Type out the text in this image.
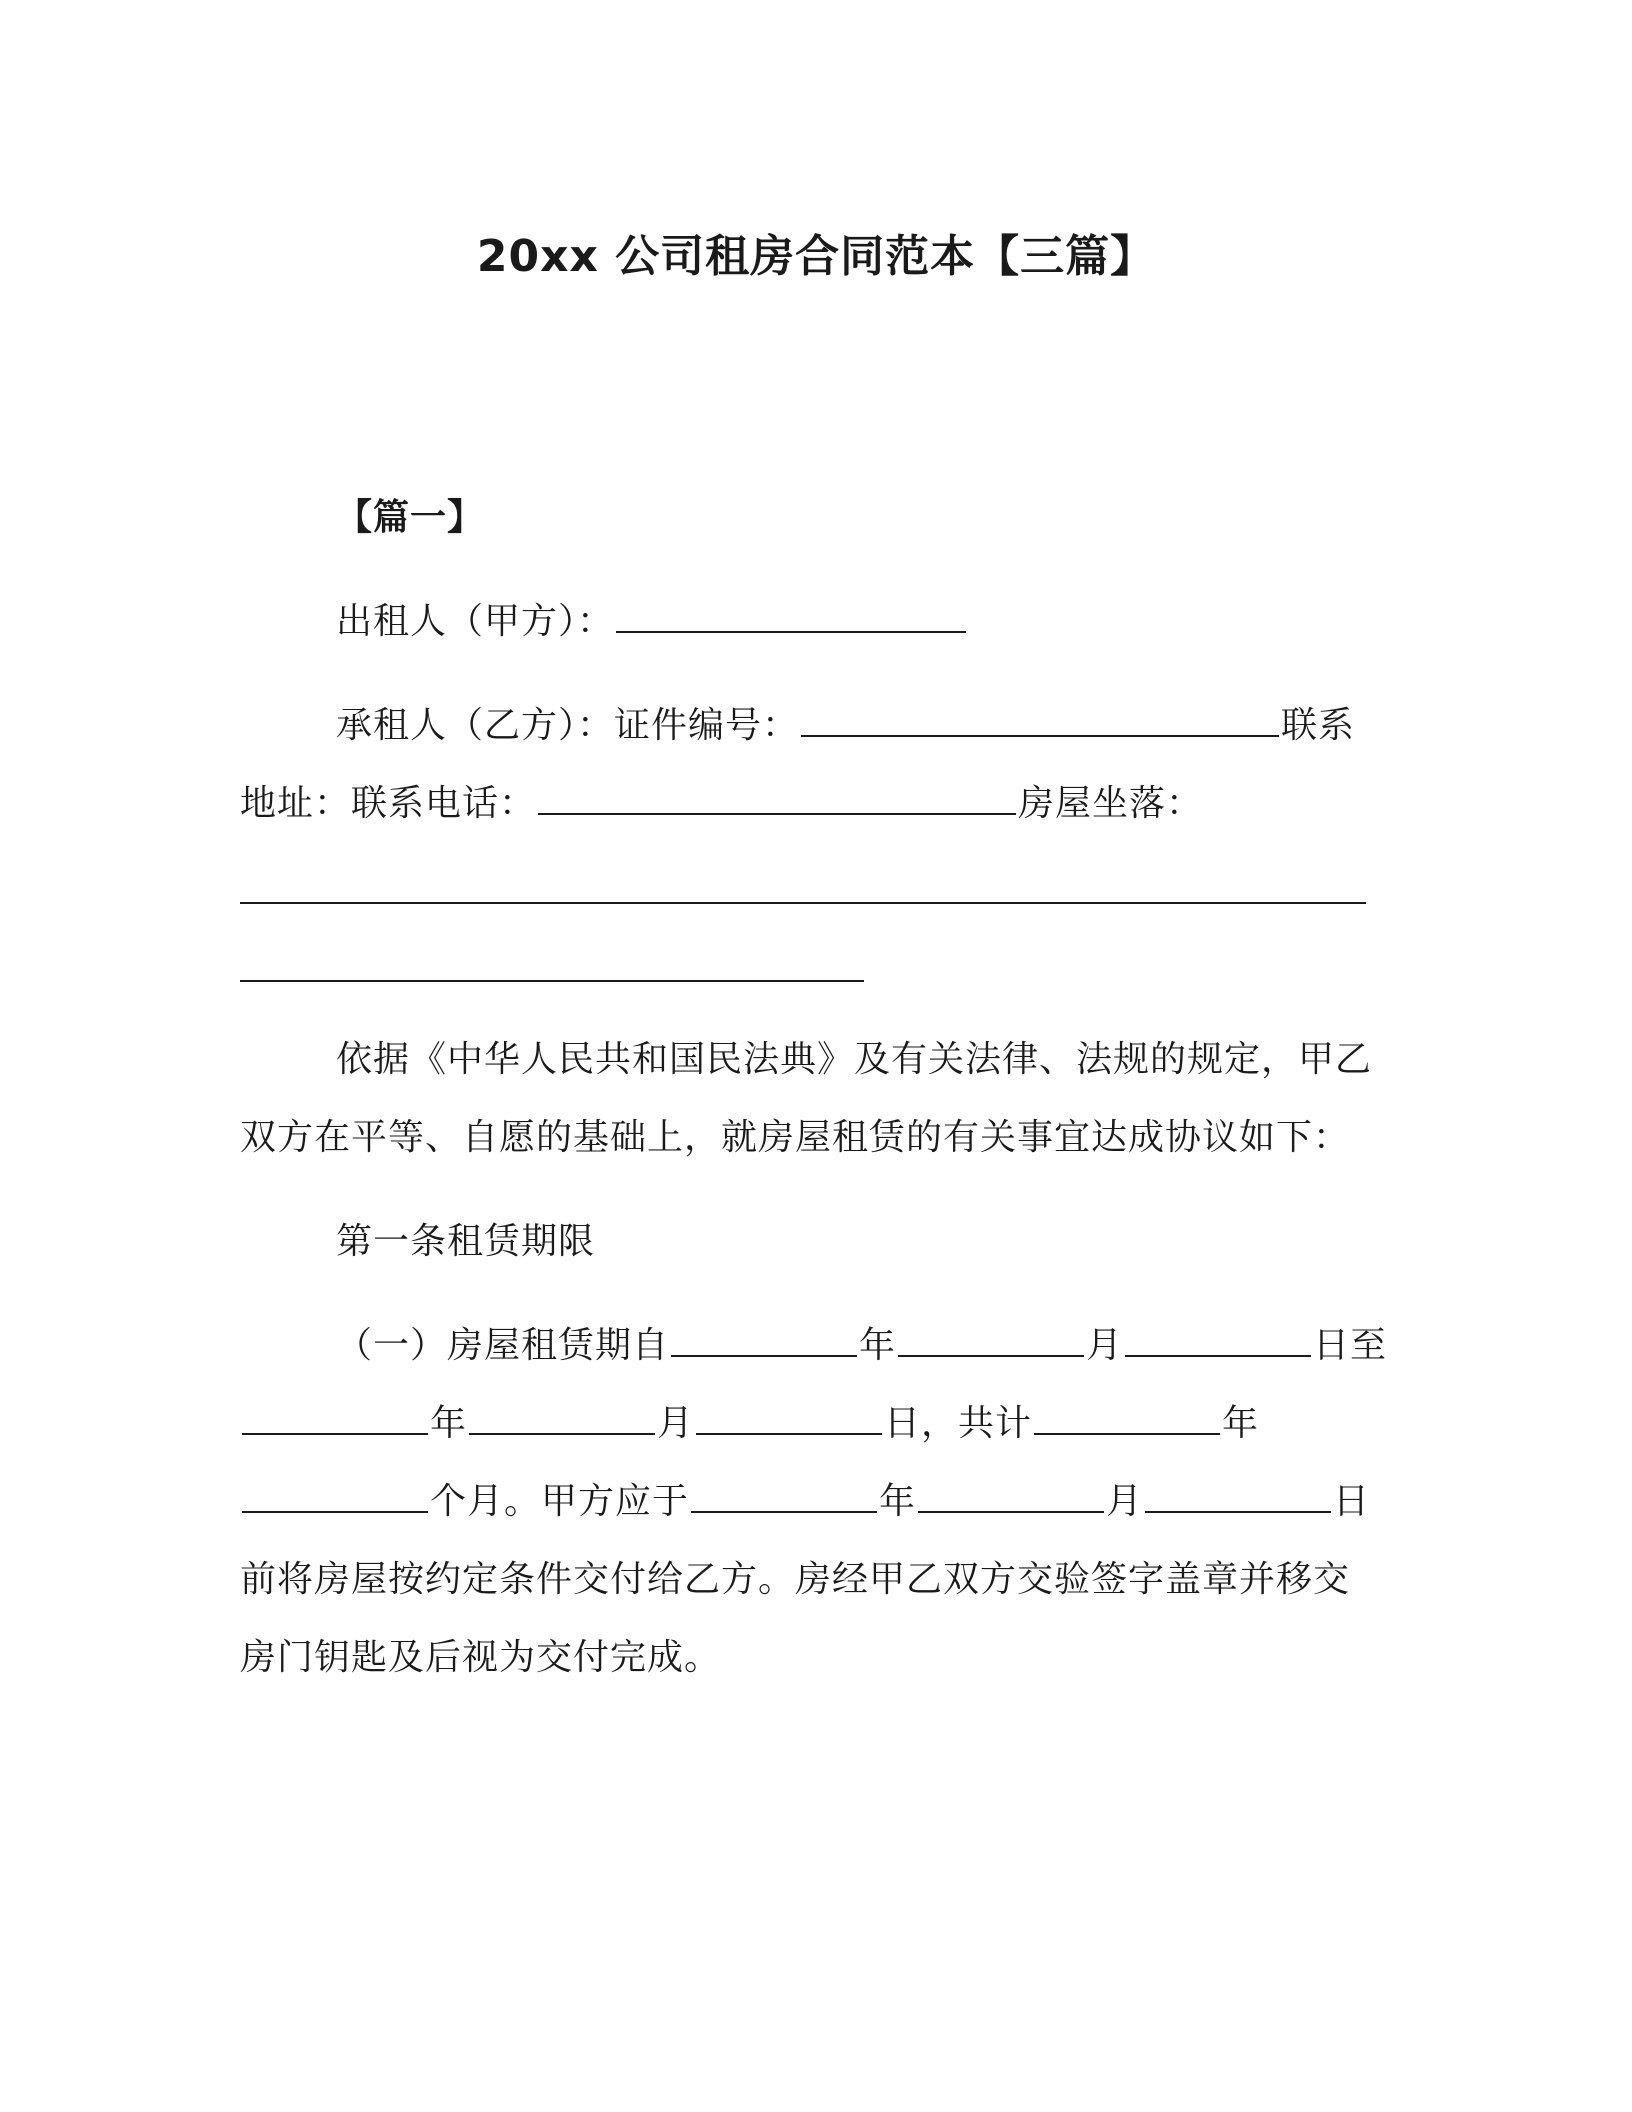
20xx 公司租房合同范本【三篇】
【篇一】
出租人（甲方）：
承租人（乙方）：证件编号：	联系
地址：联系电话：	房屋坐落：
依据《中华人民共和国民法典》及有关法律、法规的规定，甲乙
双方在平等、自愿的基础上，就房屋租赁的有关事宜达成协议如下：
第一条租赁期限
（一）房屋租赁期自	年	月	日至
年	月	日，共计	年
个月。甲方应于	年	月	日
前将房屋按约定条件交付给乙方。房经甲乙双方交验签字盖章并移交
房门钥匙及后视为交付完成。
